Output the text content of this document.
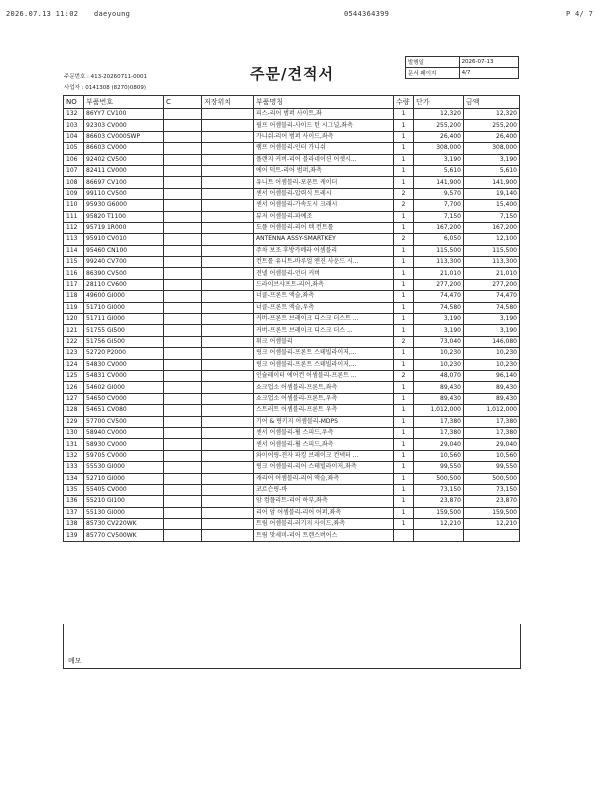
2026.07.13 11:02 daeyoung	0544364399	P 4/ 7
주문번호 : 413-20260711-0001
사업자 : 0141308 (8270)0809)
주문/견적서
발행일	2026-07-13
문서 페이지	4/7
NO	부품번호	C	저장위치	부품명칭	수량	단가	금액
132	86YY7 CV100			피스-리어 범퍼 사이트,좌	1	12,320	12,320
103	92303 CV000			필프 어셈블리-사이드 턴 시그널,좌측	1	255,200	255,200
104	86603 CV000SWP			가니쉬-리어 범퍼 사이드,좌측	1	26,400	26,400
105	86603 CV000			램프 어셈블리-인터 가니쉬	1	308,000	308,000
106	92402 CV500			플랜지 커버-리어 블라네이션 어셋시...	1	3,190	3,190
107	82411 CV000			에어 덕트-리어 범퍼,좌측	1	5,610	5,610
108	86697 CV100			유니트 어셈블리-포폰트 케이더	1	141,900	141,900
109	99110 CV500			센서 어셈블리-압력식 트레시	2	9,570	19,140
110	95930 G6000			센서 어셈블리-가속도시 크래시	2	7,700	15,400
111	95820 T1100			뷰저 어셈블리-파예조	1	7,150	7,150
112	95719 1R000			도플 어셈블리-리어 텍 컨트롤	1	167,200	167,200
113	95910 CV010			ANTENNA ASSY-SMARTKEY	2	6,050	12,100
114	95460 CN100			주차 보조 후방카메라 어셈블리	1	115,500	115,500
115	99240 CV700			컨트롤 유니트-바루얼 엔진 사운드 시...	1	113,300	113,300
116	86390 CV500			전넬 어셈블리-언더 커버	1	21,010	21,010
117	28110 CV600			드라이브샤프트-리어,좌측	1	277,200	277,200
118	49600 GI000			너클-프론트 액슬,좌측	1	74,470	74,470
119	51710 GI000			너클-프론트 액슬,우측	1	74,580	74,580
120	51711 GI000			커버-프론트 브레이크 디스크 더스트 ...	1	3,190	3,190
121	51755 GI500			커버-프론트 브레이크 디스크 더스 ...	1	3,190	3,190
122	51756 GI500			워크 어셈블리	2	73,040	146,080
123	52720 P2000			링크 어셈블리-프론트 스테빌라이저,...	1	10,230	10,230
124	54830 CV000			링크 어셈블리-프론트 스테빌라이저,...	1	10,230	10,230
125	54831 CV000			인슐레이터 에어컨 어셈블리-프론트 ...	2	48,070	96,140
126	54602 GI000			쇼크업소 어셈블리-프론트,좌측	1	89,430	89,430
127	54650 CV000			쇼크업소 어셈블리-프론트,우측	1	89,430	89,430
128	54651 CV080			스트러트 어셈블리-프론트 우측	1	1,012,000	1,012,000
129	57700 CV500			기어 & 링키지 어셈블리-MDPS	1	17,380	17,380
130	58940 CV000			센서 어셈블리-휠 스피드,우측	1	17,380	17,380
131	58930 CV000			센서 어셈블리-휠 스피드,좌측	1	29,040	29,040
132	59705 CV000			와이어링-전자 파킹 브레이크 컨넥터 ...	1	10,560	10,560
133	55530 GI000			링크 어셈블리-리어 스테빌라이저,좌측	1	99,550	99,550
134	52710 GI000			캐리어 어셈블리-리어 액슬,좌측	1	500,500	500,500
135	55405 CV000			코르슨링-바	1	73,150	73,150
136	55210 GI100			암 컴플리트-리어 하부,좌측	1	23,870	23,870
137	55130 GI000			리어 암 어셈블리-리어 어퍼,좌측	1	159,500	159,500
138	85730 CV220WK			트림 어셈블리-러기지 사이드,좌측	1	12,210	12,210
139	85770 CV500WK			트림 맛세미-리어 트랜스버어스			
메모
